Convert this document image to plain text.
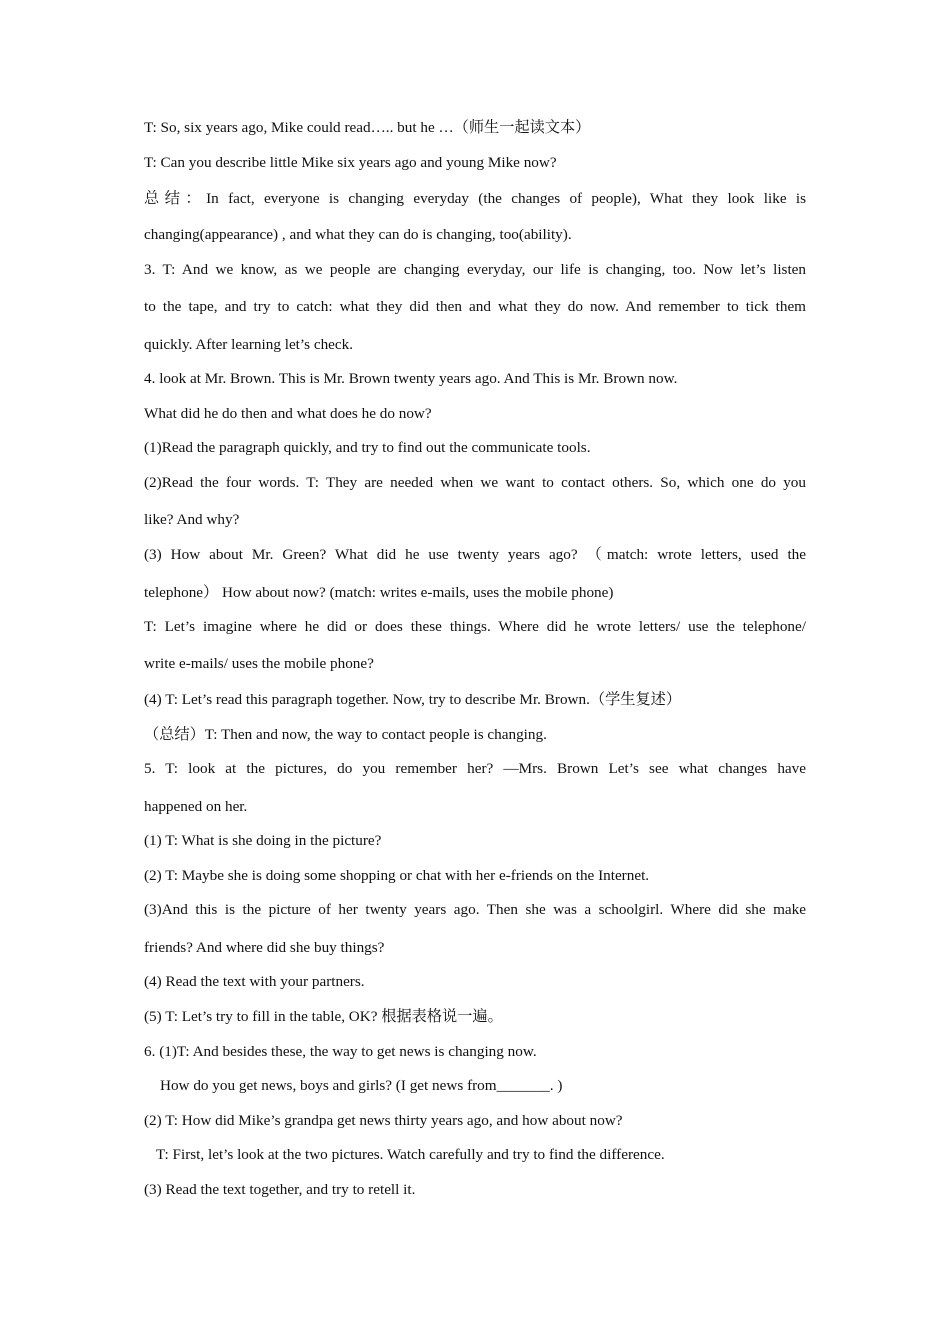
T: So, six years ago, Mike could read….. but he …（师生一起读文本）
T: Can you describe little Mike six years ago and young Mike now?
总结：In fact, everyone is changing everyday (the changes of people), What they look like is
changing(appearance) , and what they can do is changing, too(ability).
3. T: And we know, as we people are changing everyday, our life is changing, too. Now let’s listen
to the tape, and try to catch: what they did then and what they do now. And remember to tick them
quickly. After learning let’s check.
4. look at Mr. Brown. This is Mr. Brown twenty years ago. And This is Mr. Brown now.
What did he do then and what does he do now?
(1)Read the paragraph quickly, and try to find out the communicate tools.
(2)Read the four words. T: They are needed when we want to contact others. So, which one do you
like? And why?
(3) How about Mr. Green? What did he use twenty years ago? （match: wrote letters, used the
telephone） How about now? (match: writes e-mails, uses the mobile phone)
T: Let’s imagine where he did or does these things. Where did he wrote letters/ use the telephone/
write e-mails/ uses the mobile phone?
(4) T: Let’s read this paragraph together. Now, try to describe Mr. Brown.（学生复述）
（总结）T: Then and now, the way to contact people is changing.
5. T: look at the pictures, do you remember her? —Mrs. Brown Let’s see what changes have
happened on her.
(1) T: What is she doing in the picture?
(2) T: Maybe she is doing some shopping or chat with her e-friends on the Internet.
(3)And this is the picture of her twenty years ago. Then she was a schoolgirl. Where did she make
friends? And where did she buy things?
(4) Read the text with your partners.
(5) T: Let’s try to fill in the table, OK? 根据表格说一遍。
6. (1)T: And besides these, the way to get news is changing now.
How do you get news, boys and girls? (I get news from_______. )
(2) T: How did Mike’s grandpa get news thirty years ago, and how about now?
T: First, let’s look at the two pictures. Watch carefully and try to find the difference.
(3) Read the text together, and try to retell it.
